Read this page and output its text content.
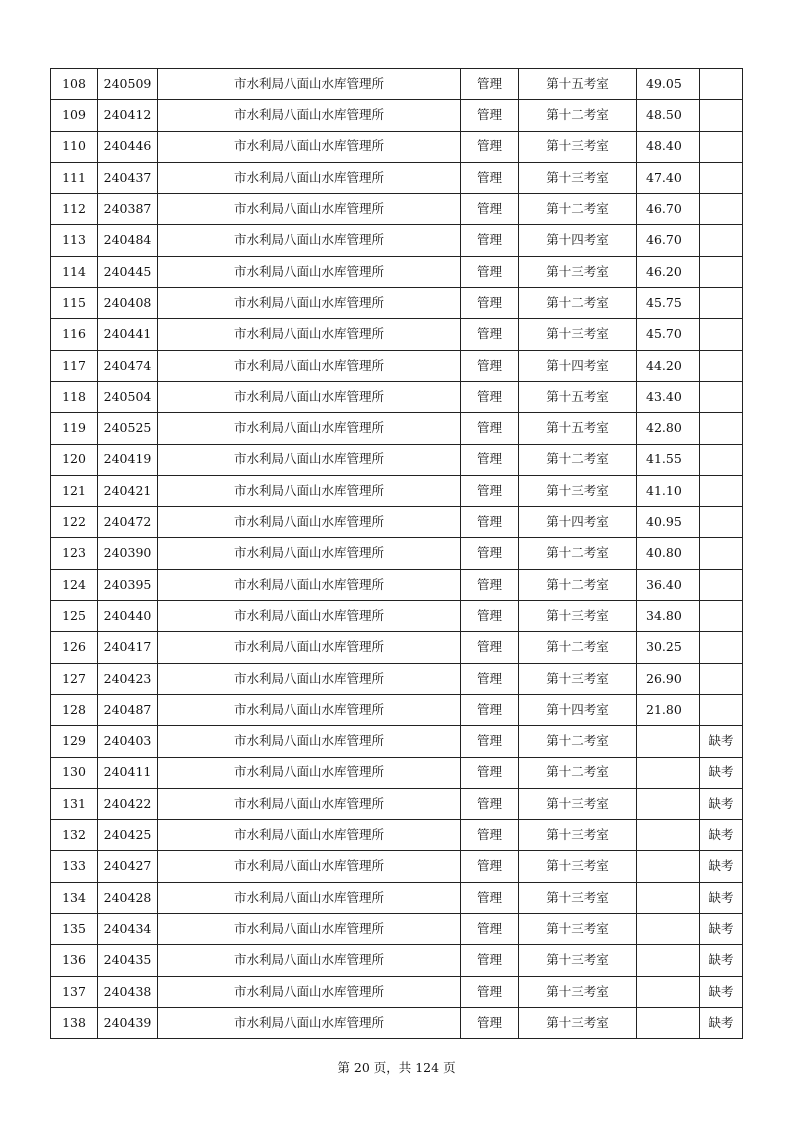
108	240509	市水利局八面山水库管理所	管理	第十五考室	49.05	
109	240412	市水利局八面山水库管理所	管理	第十二考室	48.50	
110	240446	市水利局八面山水库管理所	管理	第十三考室	48.40	
111	240437	市水利局八面山水库管理所	管理	第十三考室	47.40	
112	240387	市水利局八面山水库管理所	管理	第十二考室	46.70	
113	240484	市水利局八面山水库管理所	管理	第十四考室	46.70	
114	240445	市水利局八面山水库管理所	管理	第十三考室	46.20	
115	240408	市水利局八面山水库管理所	管理	第十二考室	45.75	
116	240441	市水利局八面山水库管理所	管理	第十三考室	45.70	
117	240474	市水利局八面山水库管理所	管理	第十四考室	44.20	
118	240504	市水利局八面山水库管理所	管理	第十五考室	43.40	
119	240525	市水利局八面山水库管理所	管理	第十五考室	42.80	
120	240419	市水利局八面山水库管理所	管理	第十二考室	41.55	
121	240421	市水利局八面山水库管理所	管理	第十三考室	41.10	
122	240472	市水利局八面山水库管理所	管理	第十四考室	40.95	
123	240390	市水利局八面山水库管理所	管理	第十二考室	40.80	
124	240395	市水利局八面山水库管理所	管理	第十二考室	36.40	
125	240440	市水利局八面山水库管理所	管理	第十三考室	34.80	
126	240417	市水利局八面山水库管理所	管理	第十二考室	30.25	
127	240423	市水利局八面山水库管理所	管理	第十三考室	26.90	
128	240487	市水利局八面山水库管理所	管理	第十四考室	21.80	
129	240403	市水利局八面山水库管理所	管理	第十二考室		缺考
130	240411	市水利局八面山水库管理所	管理	第十二考室		缺考
131	240422	市水利局八面山水库管理所	管理	第十三考室		缺考
132	240425	市水利局八面山水库管理所	管理	第十三考室		缺考
133	240427	市水利局八面山水库管理所	管理	第十三考室		缺考
134	240428	市水利局八面山水库管理所	管理	第十三考室		缺考
135	240434	市水利局八面山水库管理所	管理	第十三考室		缺考
136	240435	市水利局八面山水库管理所	管理	第十三考室		缺考
137	240438	市水利局八面山水库管理所	管理	第十三考室		缺考
138	240439	市水利局八面山水库管理所	管理	第十三考室		缺考
第 20 页，共 124 页
